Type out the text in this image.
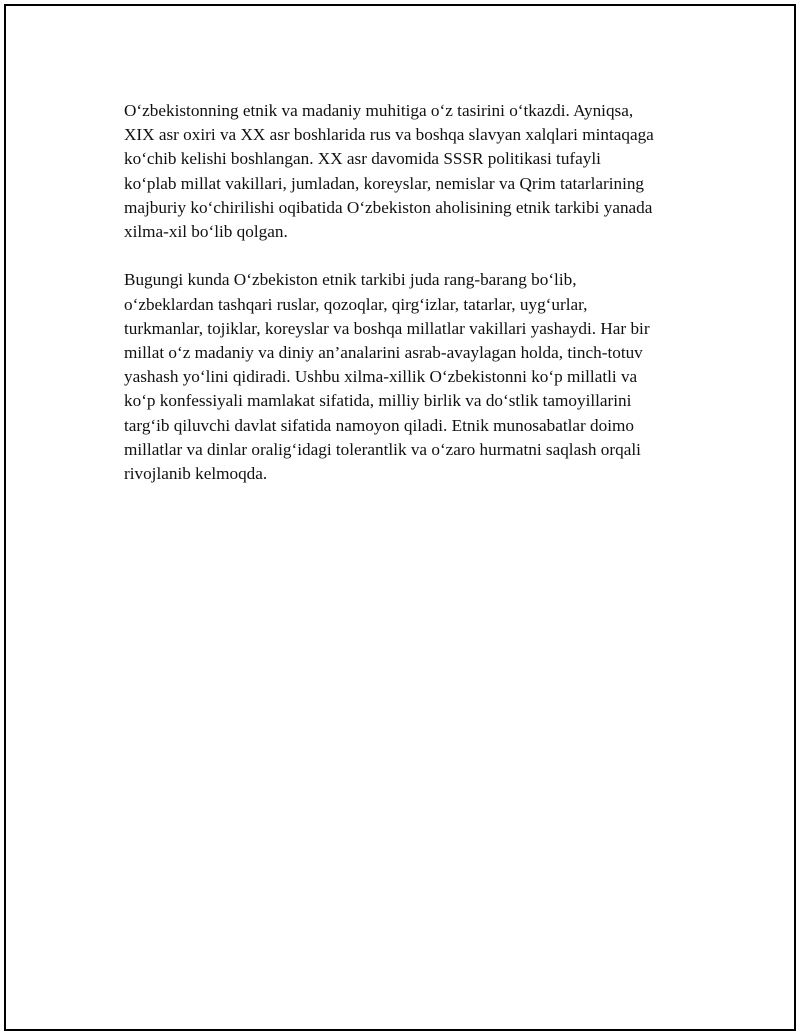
O‘zbekistonning etnik va madaniy muhitiga o‘z tasirini o‘tkazdi. Ayniqsa,
XIX asr oxiri va XX asr boshlarida rus va boshqa slavyan xalqlari mintaqaga
ko‘chib kelishi boshlangan. XX asr davomida SSSR politikasi tufayli
ko‘plab millat vakillari, jumladan, koreyslar, nemislar va Qrim tatarlarining
majburiy ko‘chirilishi oqibatida O‘zbekiston aholisining etnik tarkibi yanada
xilma-xil bo‘lib qolgan.

Bugungi kunda O‘zbekiston etnik tarkibi juda rang-barang bo‘lib,
o‘zbeklardan tashqari ruslar, qozoqlar, qirg‘izlar, tatarlar, uyg‘urlar,
turkmanlar, tojiklar, koreyslar va boshqa millatlar vakillari yashaydi. Har bir
millat o‘z madaniy va diniy an’analarini asrab-avaylagan holda, tinch-totuv
yashash yo‘lini qidiradi. Ushbu xilma-xillik O‘zbekistonni ko‘p millatli va
ko‘p konfessiyali mamlakat sifatida, milliy birlik va do‘stlik tamoyillarini
targ‘ib qiluvchi davlat sifatida namoyon qiladi. Etnik munosabatlar doimo
millatlar va dinlar oralig‘idagi tolerantlik va o‘zaro hurmatni saqlash orqali
rivojlanib kelmoqda.
